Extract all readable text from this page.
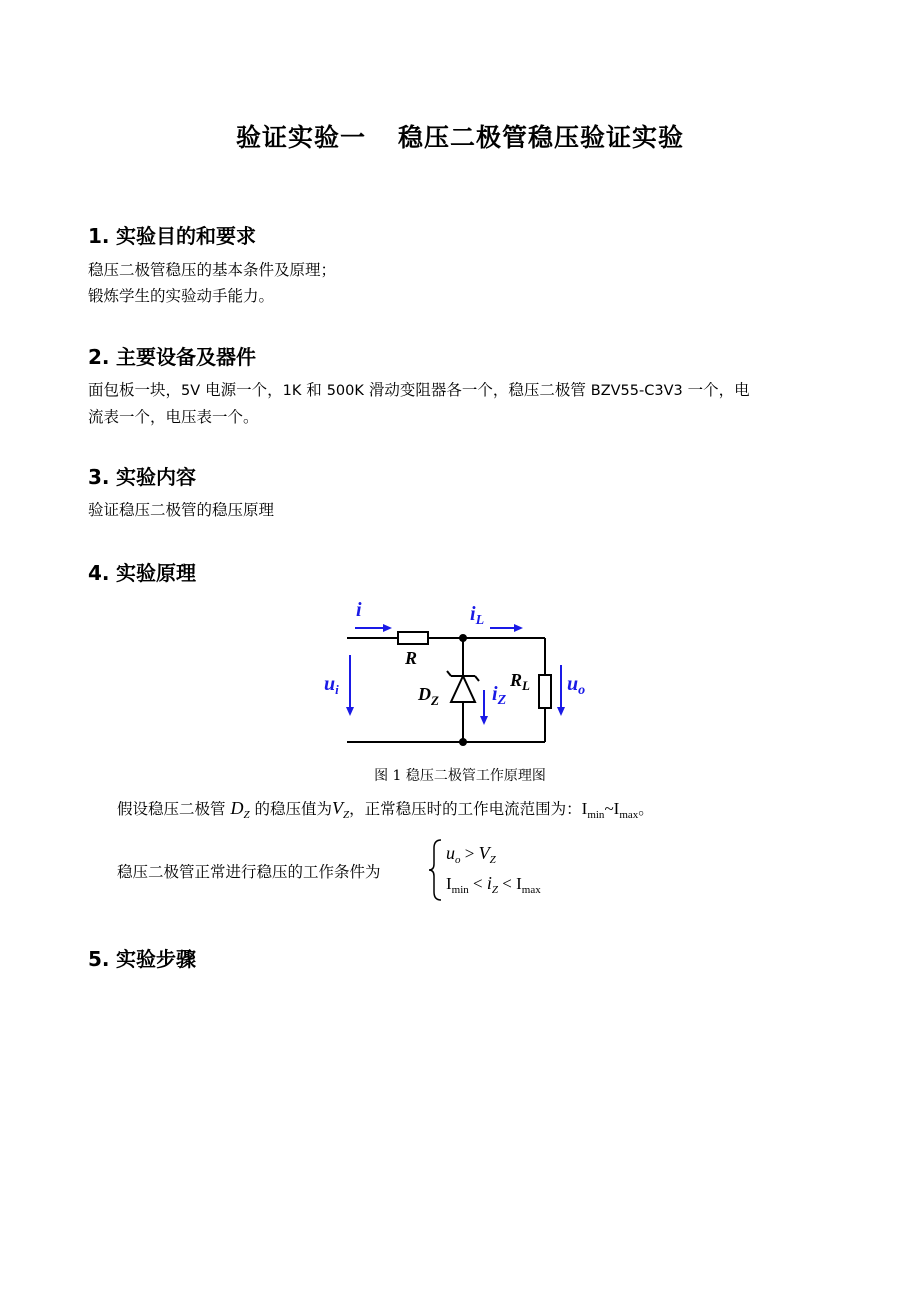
验证实验一 稳压二极管稳压验证实验
1. 实验目的和要求
稳压二极管稳压的基本条件及原理；
锻炼学生的实验动手能力。
2. 主要设备及器件
面包板一块，5V 电源一个，1K 和 500K 滑动变阻器各一个，稳压二极管 BZV55-C3V3 一个，电
流表一个，电压表一个。
3. 实验内容
验证稳压二极管的稳压原理
4. 实验原理
i	$i_L$
R
$u_i$	$D_Z$	$i_Z$
$R_L$ $u_o$
图 1 稳压二极管工作原理图
假设稳压二极管 $D_Z$ 的稳压值为$V_Z$，正常稳压时的工作电流范围为：$I_{min}\sim I_{max}$。
稳压二极管正常进行稳压的工作条件为
$u_o > V_Z$
$I_{min} < i_Z < I_{max}$
5. 实验步骤
